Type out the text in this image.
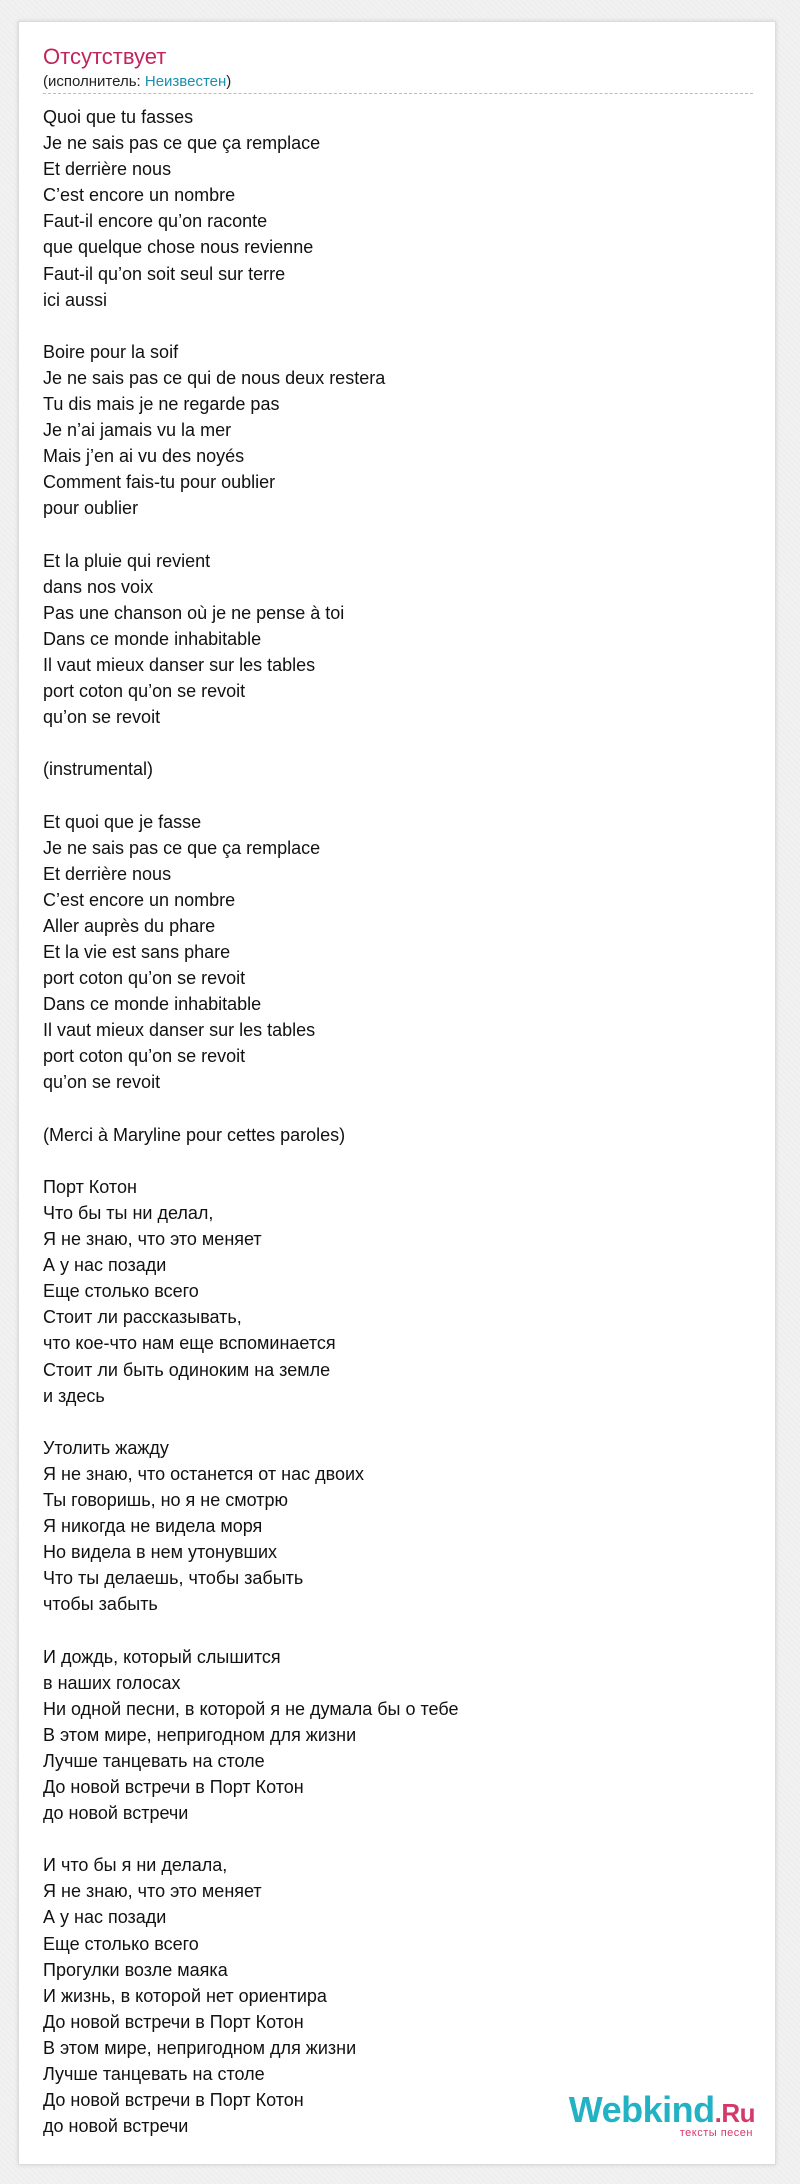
Отсутствует
(исполнитель: Неизвестен)
Quoi que tu fasses
Je ne sais pas ce que ça remplace
Et derrière nous
C’est encore un nombre
Faut-il encore qu’on raconte
que quelque chose nous revienne
Faut-il qu’on soit seul sur terre
ici aussi
Boire pour la soif
Je ne sais pas ce qui de nous deux restera
Tu dis mais je ne regarde pas
Je n’ai jamais vu la mer
Mais j’en ai vu des noyés
Comment fais-tu pour oublier
pour oublier
Et la pluie qui revient
dans nos voix
Pas une chanson où je ne pense à toi
Dans ce monde inhabitable
Il vaut mieux danser sur les tables
port coton qu’on se revoit
qu’on se revoit
(instrumental)
Et quoi que je fasse
Je ne sais pas ce que ça remplace
Et derrière nous
C’est encore un nombre
Aller auprès du phare
Et la vie est sans phare
port coton qu’on se revoit
Dans ce monde inhabitable
Il vaut mieux danser sur les tables
port coton qu’on se revoit
qu’on se revoit
(Merci à Maryline pour cettes paroles)
Порт Котон
Что бы ты ни делал,
Я не знаю, что это меняет
А у нас позади
Еще столько всего
Стоит ли рассказывать,
что кое-что нам еще вспоминается
Стоит ли быть одиноким на земле
и здесь
Утолить жажду
Я не знаю, что останется от нас двоих
Ты говоришь, но я не смотрю
Я никогда не видела моря
Но видела в нем утонувших
Что ты делаешь, чтобы забыть
чтобы забыть
И дождь, который слышится
в наших голосах
Ни одной песни, в которой я не думала бы о тебе
В этом мире, непригодном для жизни
Лучше танцевать на столе
До новой встречи в Порт Котон
до новой встречи
И что бы я ни делала,
Я не знаю, что это меняет
А у нас позади
Еще столько всего
Прогулки возле маяка
И жизнь, в которой нет ориентира
До новой встречи в Порт Котон
В этом мире, непригодном для жизни
Лучше танцевать на столе
До новой встречи в Порт Котон
до новой встречи	Webkind.Ru
тексты песен
